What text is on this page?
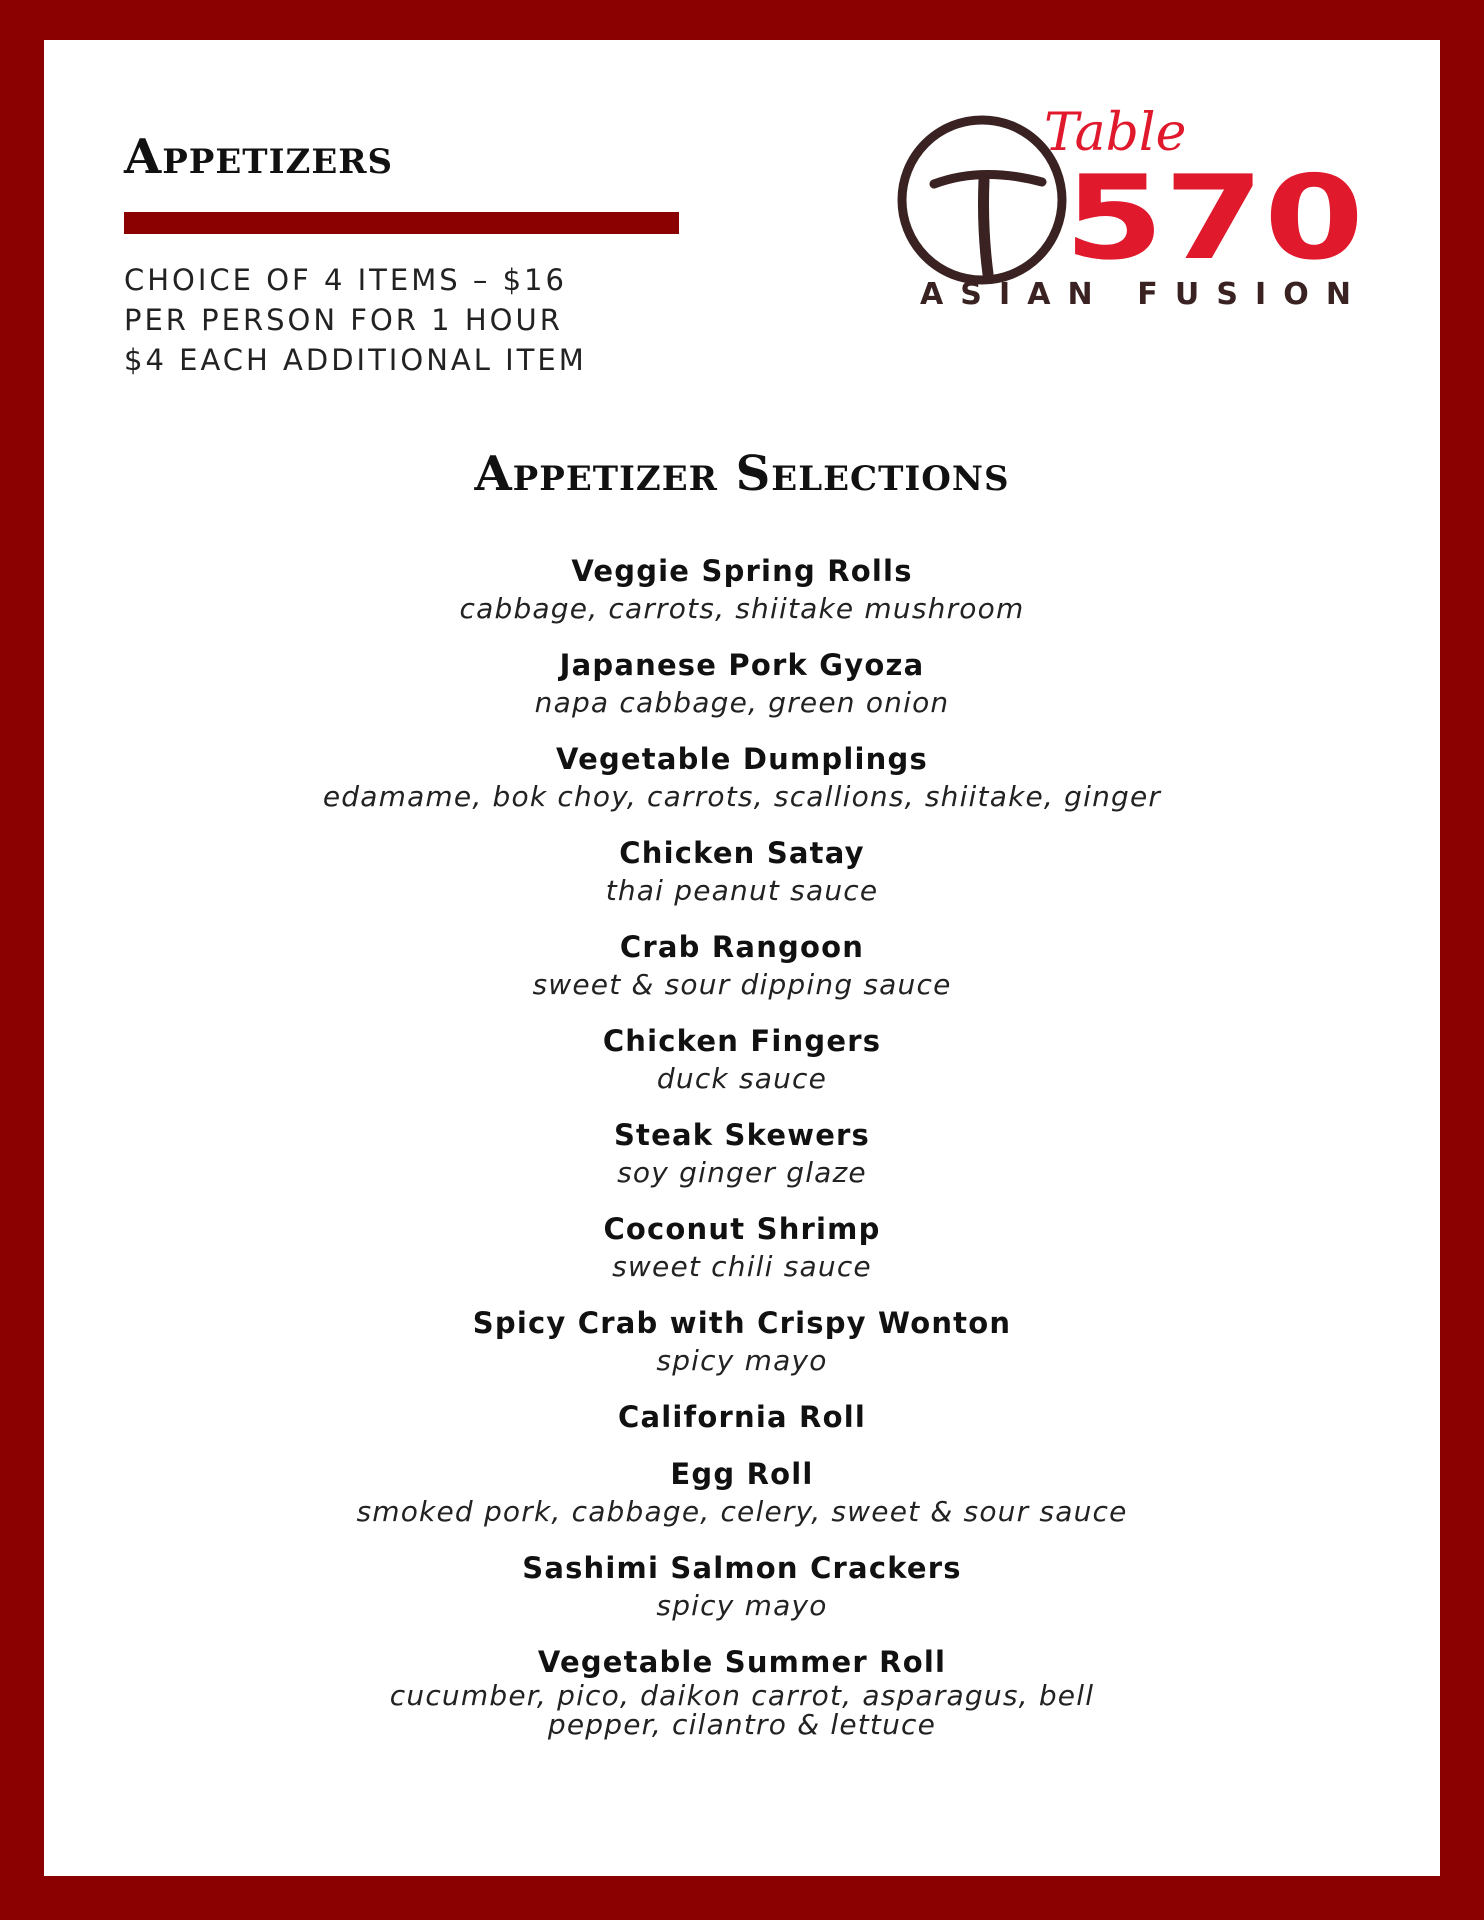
Appetizers
CHOICE OF 4 ITEMS – $16
PER PERSON FOR 1 HOUR
$4 EACH ADDITIONAL ITEM
Table
570
ASIAN FUSION
Appetizer Selections
Veggie Spring Rolls
cabbage, carrots, shiitake mushroom
Japanese Pork Gyoza
napa cabbage, green onion
Vegetable Dumplings
edamame, bok choy, carrots, scallions, shiitake, ginger
Chicken Satay
thai peanut sauce
Crab Rangoon
sweet & sour dipping sauce
Chicken Fingers
duck sauce
Steak Skewers
soy ginger glaze
Coconut Shrimp
sweet chili sauce
Spicy Crab with Crispy Wonton
spicy mayo
California Roll
Egg Roll
smoked pork, cabbage, celery, sweet & sour sauce
Sashimi Salmon Crackers
spicy mayo
Vegetable Summer Roll
cucumber, pico, daikon carrot, asparagus, bell pepper, cilantro & lettuce
